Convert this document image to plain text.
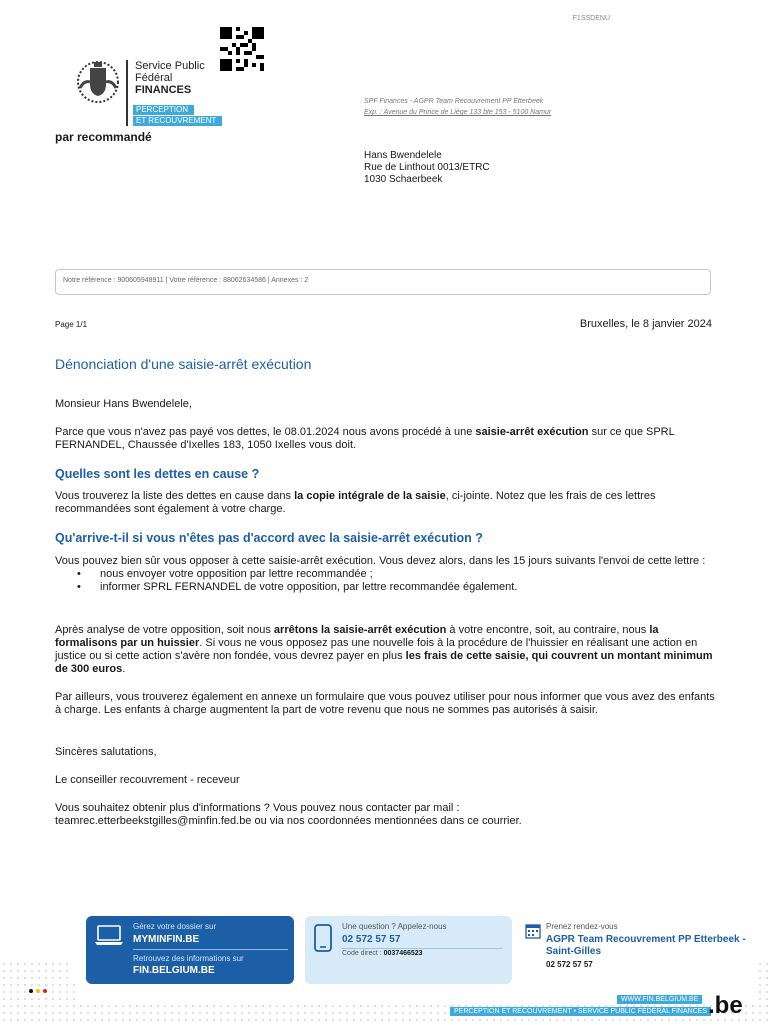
F1SSDENU
Service Public
Fédéral
FINANCES
PERCEPTION
ET RECOUVREMENT
par recommandé
SPF Finances - AGPR Team Recouvrement PP Etterbeek
Exp. : Avenue du Prince de Liège 133 bte 153 - 5100 Namur
Hans Bwendelele
Rue de Linthout 0013/ETRC
1030 Schaerbeek
Notre référence : 900605948911 | Votre référence : 88062634586 | Annexes : 2
Page 1/1	Bruxelles, le 8 janvier 2024
Dénonciation d'une saisie-arrêt exécution
Monsieur Hans Bwendelele,
Parce que vous n'avez pas payé vos dettes, le 08.01.2024 nous avons procédé à une saisie-arrêt exécution sur ce que SPRL FERNANDEL, Chaussée d'Ixelles 183, 1050 Ixelles vous doit.
Quelles sont les dettes en cause ?
Vous trouverez la liste des dettes en cause dans la copie intégrale de la saisie, ci-jointe. Notez que les frais de ces lettres recommandées sont également à votre charge.
Qu'arrive-t-il si vous n'êtes pas d'accord avec la saisie-arrêt exécution ?
Vous pouvez bien sûr vous opposer à cette saisie-arrêt exécution. Vous devez alors, dans les 15 jours suivants l'envoi de cette lettre :
• nous envoyer votre opposition par lettre recommandée ;
• informer SPRL FERNANDEL de votre opposition, par lettre recommandée également.
Après analyse de votre opposition, soit nous arrêtons la saisie-arrêt exécution à votre encontre, soit, au contraire, nous la formalisons par un huissier. Si vous ne vous opposez pas une nouvelle fois à la procédure de l'huissier en réalisant une action en justice ou si cette action s'avère non fondée, vous devrez payer en plus les frais de cette saisie, qui couvrent un montant minimum de 300 euros.
Par ailleurs, vous trouverez également en annexe un formulaire que vous pouvez utiliser pour nous informer que vous avez des enfants à charge. Les enfants à charge augmentent la part de votre revenu que nous ne sommes pas autorisés à saisir.
Sincères salutations,
Le conseiller recouvrement - receveur
Vous souhaitez obtenir plus d'informations ? Vous pouvez nous contacter par mail :
teamrec.etterbeekstgilles@minfin.fed.be ou via nos coordonnées mentionnées dans ce courrier.
Gérez votre dossier sur
MYMINFIN.BE
Retrouvez des informations sur
FIN.BELGIUM.BE
Une question ? Appelez-nous
02 572 57 57
Code direct : 0037466523
Prenez rendez-vous
AGPR Team Recouvrement PP Etterbeek -
Saint-Gilles
02 572 57 57
WWW.FIN.BELGIUM.BE
PERCEPTION ET RECOUVREMENT • SERVICE PUBLIC FÉDÉRAL FINANCES .be
